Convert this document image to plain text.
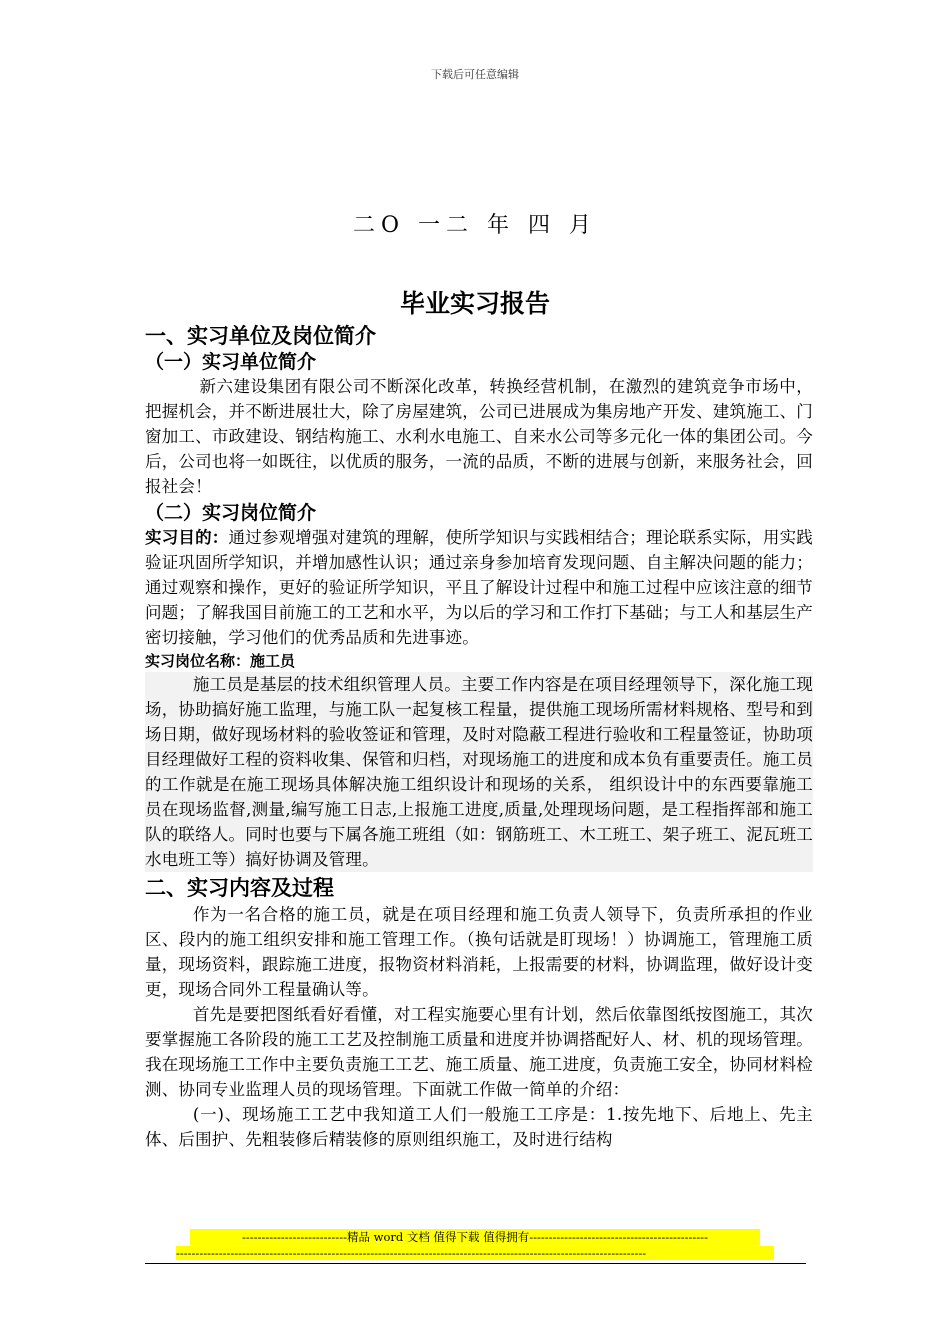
下载后可任意编辑
二O 一二 年 四 月
毕业实习报告
一、实习单位及岗位简介
（一）实习单位简介

新六建设集团有限公司不断深化改革，转换经营机制，在激烈的建筑竞争市场中，把握机会，并不断进展壮大，除了房屋建筑，公司已进展成为集房地产开发、建筑施工、门窗加工、市政建设、钢结构施工、水利水电施工、自来水公司等多元化一体的集团公司。今后，公司也将一如既往，以优质的服务，一流的品质，不断的进展与创新，来服务社会，回报社会！

（二）实习岗位简介

实习目的：通过参观增强对建筑的理解，使所学知识与实践相结合；理论联系实际，用实践验证巩固所学知识，并增加感性认识；通过亲身参加培育发现问题、自主解决问题的能力；通过观察和操作，更好的验证所学知识，平且了解设计过程中和施工过程中应该注意的细节问题；了解我国目前施工的工艺和水平，为以后的学习和工作打下基础；与工人和基层生产密切接触，学习他们的优秀品质和先进事迹。

实习岗位名称：施工员

施工员是基层的技术组织管理人员。主要工作内容是在项目经理领导下，深化施工现场，协助搞好施工监理，与施工队一起复核工程量，提供施工现场所需材料规格、型号和到场日期，做好现场材料的验收签证和管理，及时对隐蔽工程进行验收和工程量签证，协助项目经理做好工程的资料收集、保管和归档，对现场施工的进度和成本负有重要责任。施工员的工作就是在施工现场具体解决施工组织设计和现场的关系， 组织设计中的东西要靠施工员在现场监督,测量,编写施工日志,上报施工进度,质量,处理现场问题，是工程指挥部和施工队的联络人。同时也要与下属各施工班组（如：钢筋班工、木工班工、架子班工、泥瓦班工水电班工等）搞好协调及管理。

二、实习内容及过程

作为一名合格的施工员，就是在项目经理和施工负责人领导下，负责所承担的作业区、段内的施工组织安排和施工管理工作。（换句话就是盯现场！）协调施工，管理施工质量，现场资料，跟踪施工进度，报物资材料消耗，上报需要的材料，协调监理，做好设计变更，现场合同外工程量确认等。

首先是要把图纸看好看懂，对工程实施要心里有计划，然后依靠图纸按图施工，其次要掌握施工各阶段的施工工艺及控制施工质量和进度并协调搭配好人、材、机的现场管理。我在现场施工工作中主要负责施工工艺、施工质量、施工进度，负责施工安全，协同材料检测、协同专业监理人员的现场管理。下面就工作做一简单的介绍：

(一)、现场施工工艺中我知道工人们一般施工工序是：1.按先地下、后地上、先主体、后围护、先粗装修后精装修的原则组织施工，及时进行结构

---------------------------精品 word 文档 值得下载 值得拥有----------------------------------------------
-------------------------------------------------------------------------------------------------------------------------
